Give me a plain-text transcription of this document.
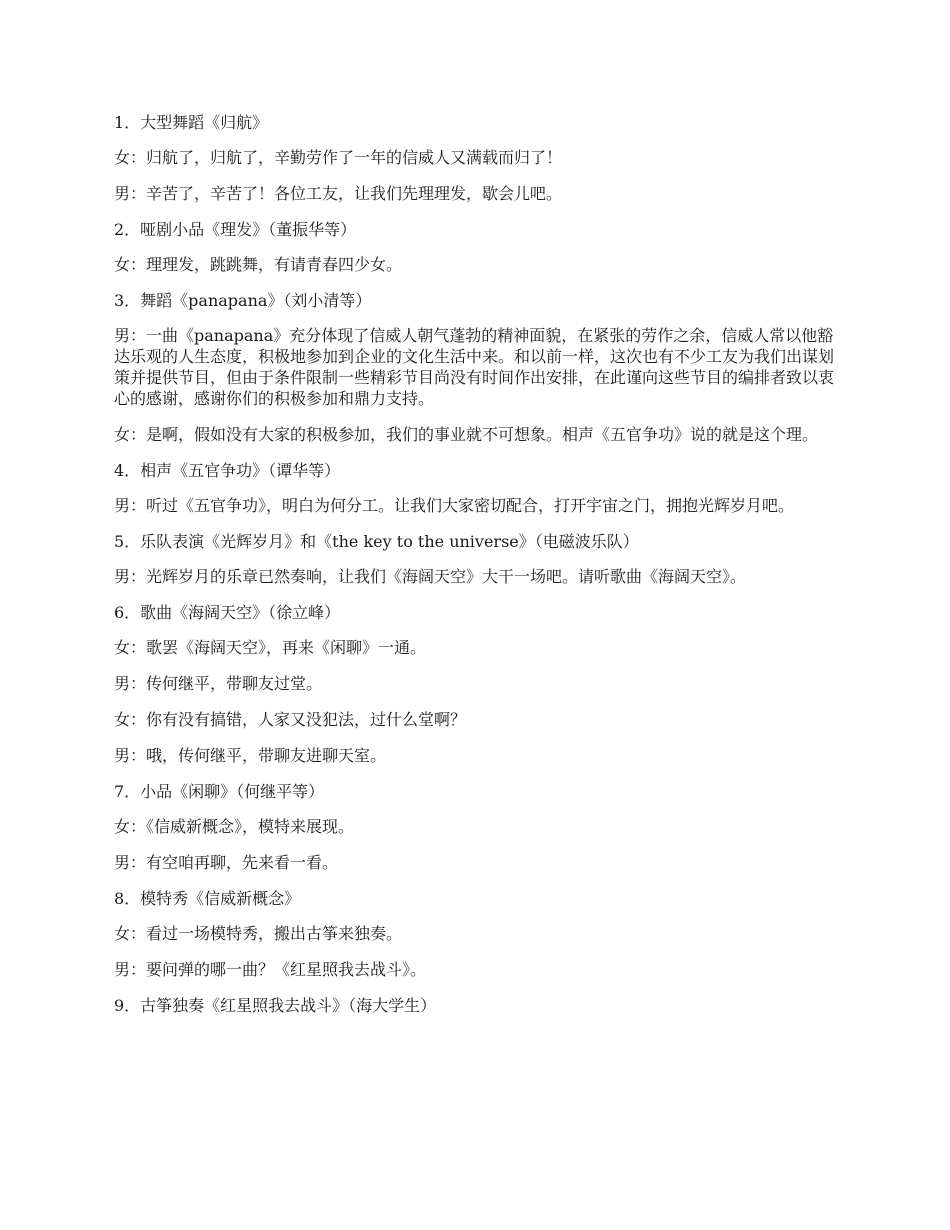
1．大型舞蹈《归航》

女：归航了，归航了，辛勤劳作了一年的信威人又满载而归了！

男：辛苦了，辛苦了！各位工友，让我们先理理发，歇会儿吧。

2．哑剧小品《理发》（董振华等）

女：理理发，跳跳舞，有请青春四少女。

3．舞蹈《panapana》（刘小清等）

男：一曲《panapana》充分体现了信威人朝气蓬勃的精神面貌，在紧张的劳作之余，信威人常以他豁达乐观的人生态度，积极地参加到企业的文化生活中来。和以前一样，这次也有不少工友为我们出谋划策并提供节目，但由于条件限制一些精彩节目尚没有时间作出安排，在此谨向这些节目的编排者致以衷心的感谢，感谢你们的积极参加和鼎力支持。

女：是啊，假如没有大家的积极参加，我们的事业就不可想象。相声《五官争功》说的就是这个理。

4．相声《五官争功》（谭华等）

男：听过《五官争功》，明白为何分工。让我们大家密切配合，打开宇宙之门，拥抱光辉岁月吧。

5．乐队表演《光辉岁月》和《the key to the universe》（电磁波乐队）

男：光辉岁月的乐章已然奏响，让我们《海阔天空》大干一场吧。请听歌曲《海阔天空》。

6．歌曲《海阔天空》（徐立峰）

女：歌罢《海阔天空》，再来《闲聊》一通。

男：传何继平，带聊友过堂。

女：你有没有搞错，人家又没犯法，过什么堂啊？

男：哦，传何继平，带聊友进聊天室。

7．小品《闲聊》（何继平等）

女：《信威新概念》，模特来展现。

男：有空咱再聊，先来看一看。

8．模特秀《信威新概念》

女：看过一场模特秀，搬出古筝来独奏。

男：要问弹的哪一曲？《红星照我去战斗》。

9．古筝独奏《红星照我去战斗》（海大学生）
